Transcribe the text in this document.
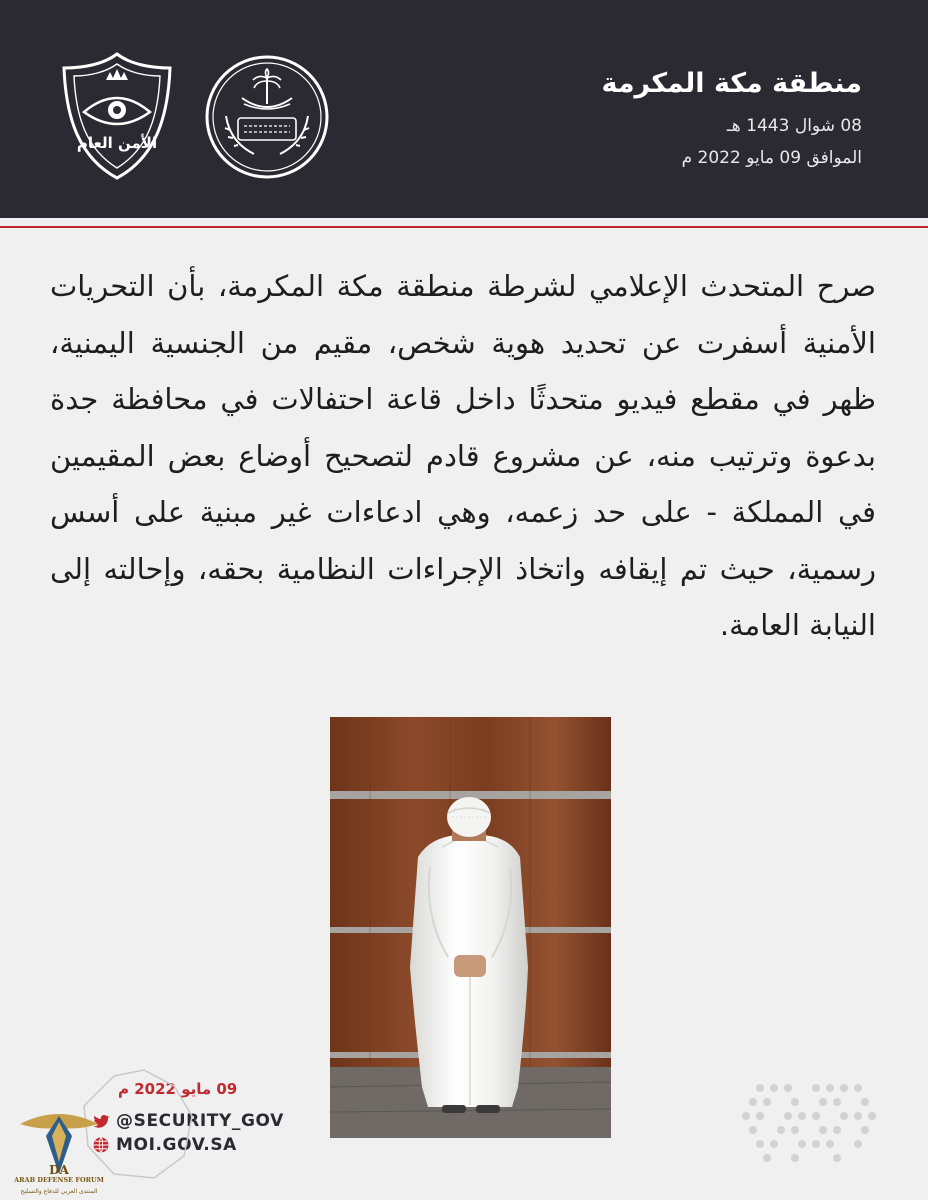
منطقة مكة المكرمة
08 شوال 1443 هـ
الموافق 09 مايو 2022 م
الأمن العام
صرح المتحدث الإعلامي لشرطة منطقة مكة المكرمة، بأن التحريات الأمنية أسفرت عن تحديد هوية شخص، مقيم من الجنسية اليمنية، ظهر في مقطع فيديو متحدثًا داخل قاعة احتفالات في محافظة جدة بدعوة وترتيب منه، عن مشروع قادم لتصحيح أوضاع بعض المقيمين في المملكة - على حد زعمه، وهي ادعاءات غير مبنية على أسس رسمية، حيث تم إيقافه واتخاذ الإجراءات النظامية بحقه، وإحالته إلى النيابة العامة.
09 مايو 2022 م
@SECURITY_GOV
MOI.GOV.SA
DA
ARAB DEFENSE FORUM
المنتدى العربي للدفاع والتسليح
